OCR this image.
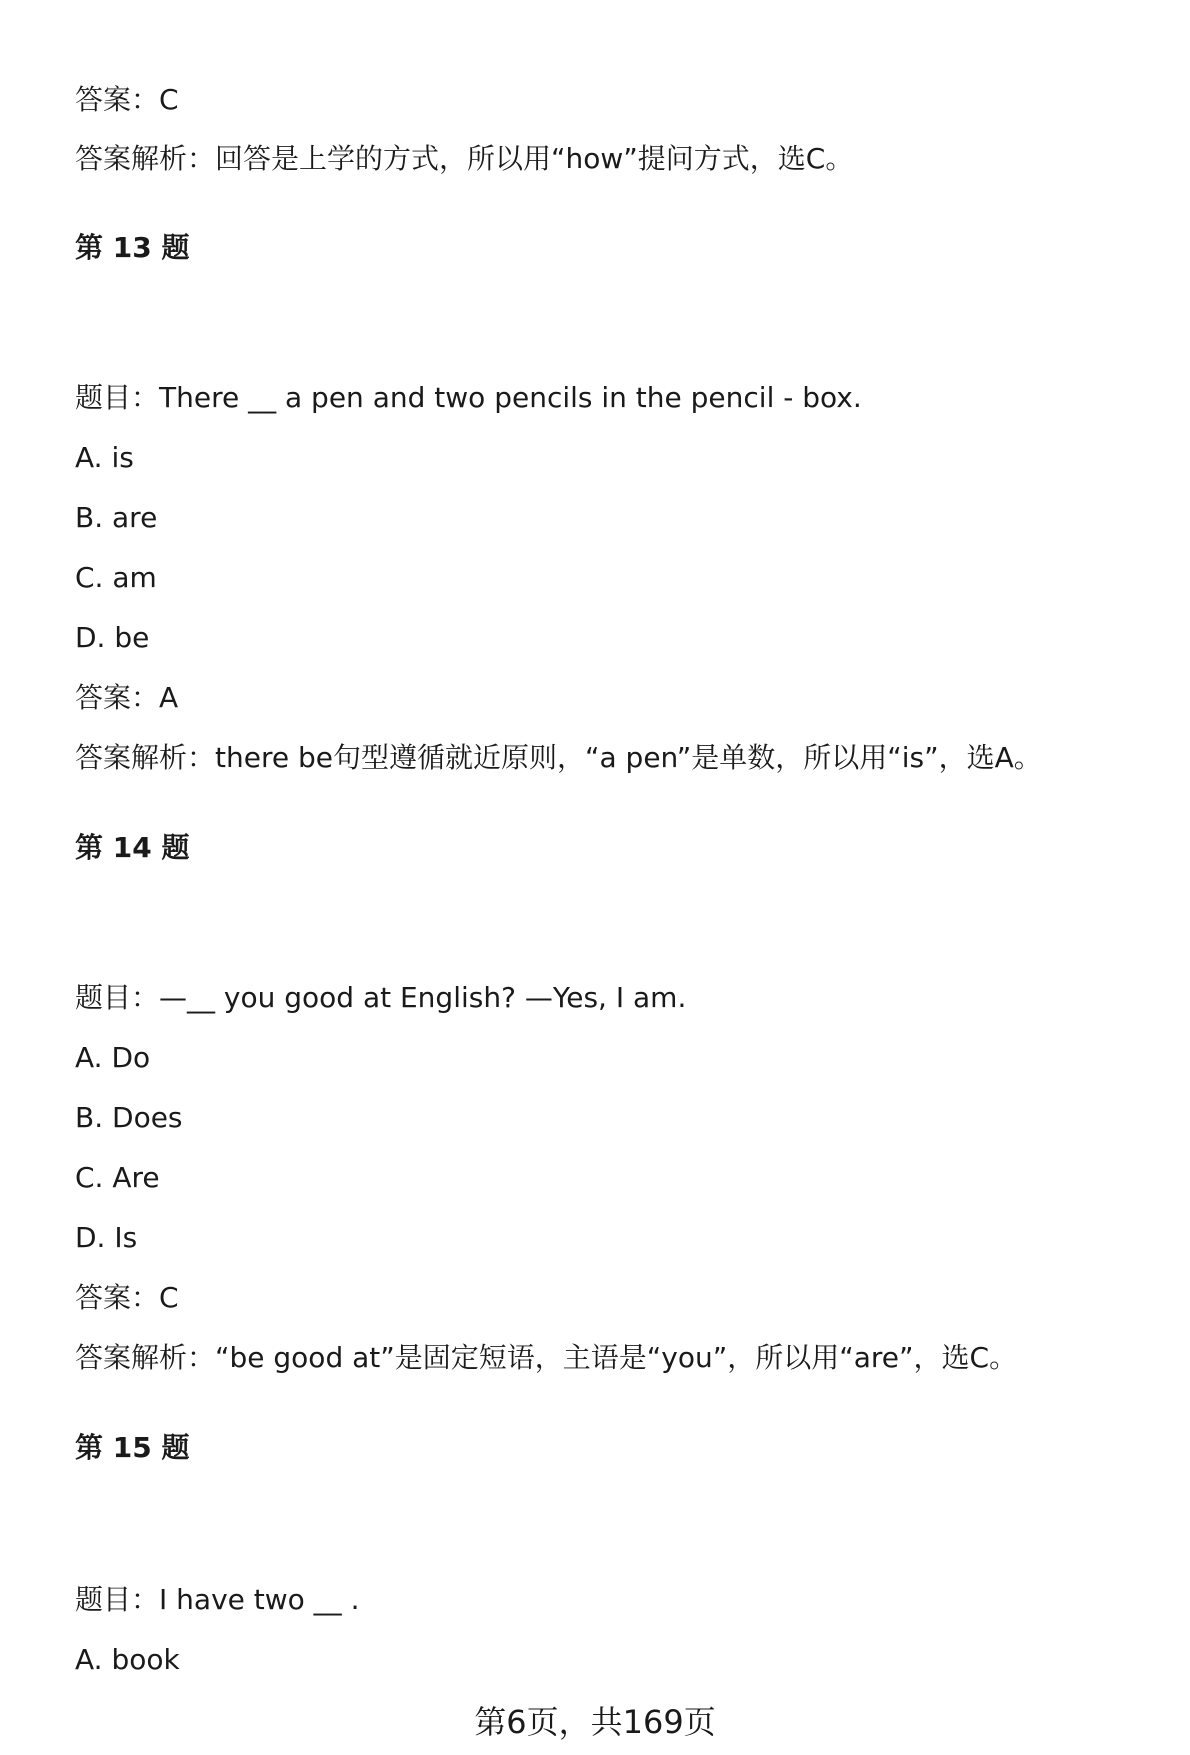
答案：C
答案解析：回答是上学的方式，所以用“how”提问方式，选C。
第 13 题
题目：There __ a pen and two pencils in the pencil - box.
A. is
B. are
C. am
D. be
答案：A
答案解析：there be句型遵循就近原则，“a pen”是单数，所以用“is”，选A。
第 14 题
题目：—__ you good at English? —Yes, I am.
A. Do
B. Does
C. Are
D. Is
答案：C
答案解析：“be good at”是固定短语，主语是“you”，所以用“are”，选C。
第 15 题
题目：I have two __ .
A. book
第6页，共169页
